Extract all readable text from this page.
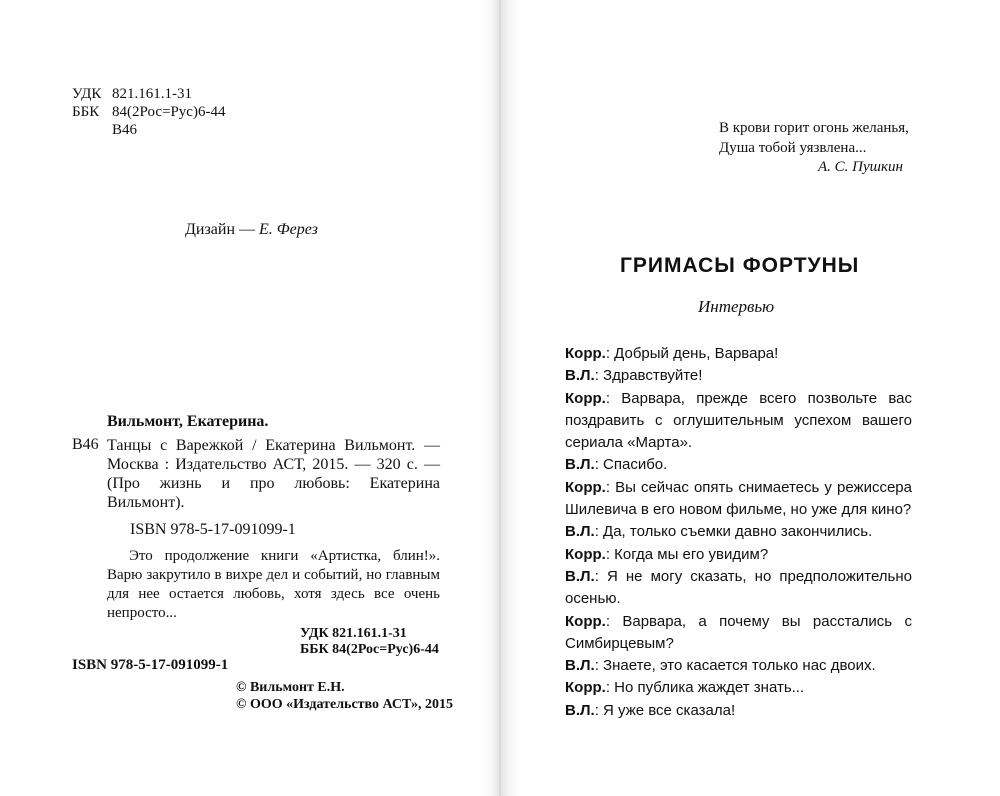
УДК 821.161.1-31
ББК 84(2Рос=Рус)6-44
В46
Дизайн — Е. Ферез
Вильмонт, Екатерина.
В46 Танцы с Варежкой / Екатерина Вильмонт. — Москва : Издательство АСТ, 2015. — 320 с. — (Про жизнь и про любовь: Екатерина Вильмонт).
ISBN 978-5-17-091099-1
Это продолжение книги «Артистка, блин!». Варю закрутило в вихре дел и событий, но главным для нее остается любовь, хотя здесь все очень непросто...
УДК 821.161.1-31
ББК 84(2Рос=Рус)6-44
ISBN 978-5-17-091099-1
© Вильмонт Е.Н.
© ООО «Издательство АСТ», 2015
В крови горит огонь желанья,
Душа тобой уязвлена...
А. С. Пушкин
ГРИМАСЫ ФОРТУНЫ
Интервью

Корр.: Добрый день, Варвара!

В.Л.: Здравствуйте!

Корр.: Варвара, прежде всего позвольте вас поздравить с оглушительным успехом вашего сериала «Марта».

В.Л.: Спасибо.

Корр.: Вы сейчас опять снимаетесь у режиссера Шилевича в его новом фильме, но уже для кино?

В.Л.: Да, только съемки давно закончились.

Корр.: Когда мы его увидим?

В.Л.: Я не могу сказать, но предположительно осенью.

Корр.: Варвара, а почему вы расстались с Симбирцевым?

В.Л.: Знаете, это касается только нас двоих.

Корр.: Но публика жаждет знать...

В.Л.: Я уже все сказала!
